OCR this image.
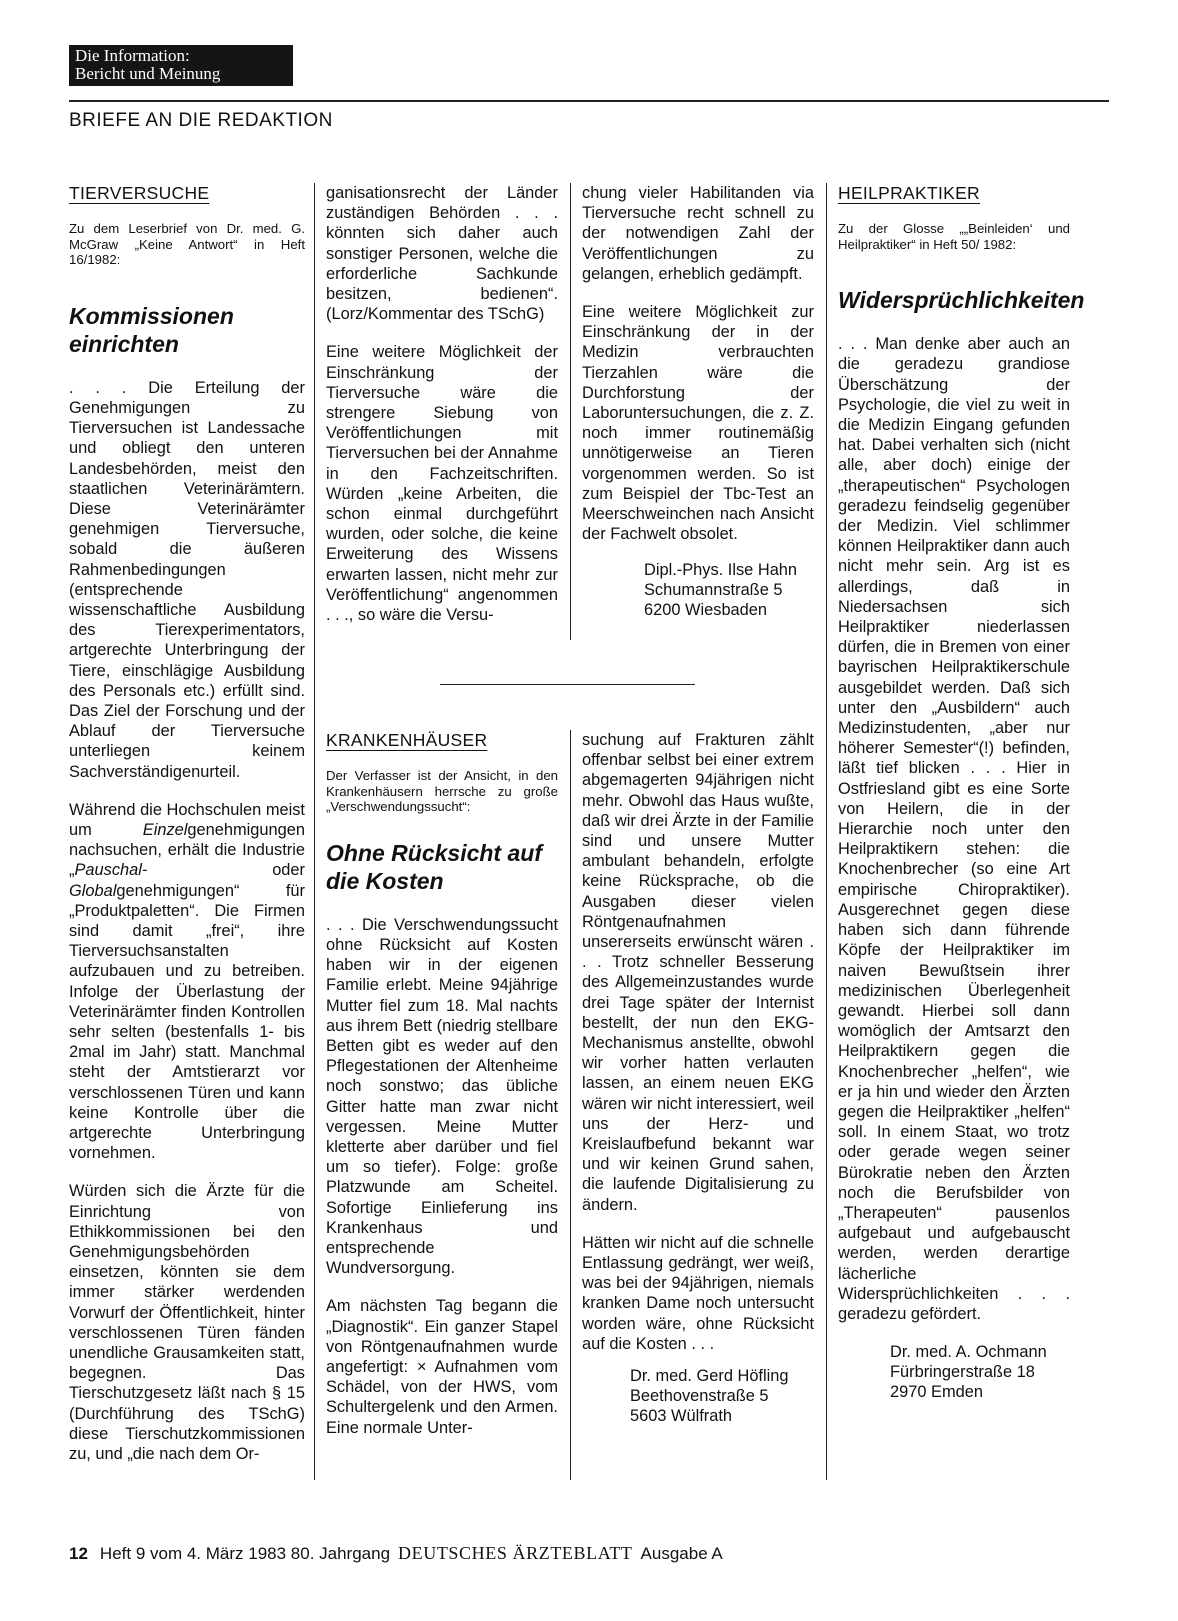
Die Information:
Bericht und Meinung
BRIEFE AN DIE REDAKTION
TIERVERSUCHE
Zu dem Leserbrief von Dr. med. G. McGraw „Keine Antwort“ in Heft 16/1982:
Kommissionen einrichten

. . . Die Erteilung der Genehmigungen zu Tierversuchen ist Landessache und obliegt den unteren Landesbehörden, meist den staatlichen Veterinärämtern. Diese Veterinärämter genehmigen Tierversuche, sobald die äußeren Rahmenbedingungen (entsprechende wissenschaftliche Ausbildung des Tierexperimentators, artgerechte Unterbringung der Tiere, einschlägige Ausbildung des Personals etc.) erfüllt sind. Das Ziel der Forschung und der Ablauf der Tierversuche unterliegen keinem Sachverständigenurteil.

Während die Hochschulen meist um Einzelgenehmigungen nachsuchen, erhält die Industrie „Pauschal- oder Globalgenehmigungen“ für „Produktpaletten“. Die Firmen sind damit „frei“, ihre Tierversuchsanstalten aufzubauen und zu betreiben. Infolge der Überlastung der Veterinärämter finden Kontrollen sehr selten (bestenfalls 1- bis 2mal im Jahr) statt. Manchmal steht der Amtstierarzt vor verschlossenen Türen und kann keine Kontrolle über die artgerechte Unterbringung vornehmen.

Würden sich die Ärzte für die Einrichtung von Ethikkommissionen bei den Genehmigungsbehörden einsetzen, könnten sie dem immer stärker werdenden Vorwurf der Öffentlichkeit, hinter verschlossenen Türen fänden unendliche Grausamkeiten statt, begegnen. Das Tierschutzgesetz läßt nach § 15 (Durchführung des TSchG) diese Tierschutzkommissionen zu, und „die nach dem Or-

ganisationsrecht der Länder zuständigen Behörden . . . könnten sich daher auch sonstiger Personen, welche die erforderliche Sachkunde besitzen, bedienen“. (Lorz/Kommentar des TSchG)

Eine weitere Möglichkeit der Einschränkung der Tierversuche wäre die strengere Siebung von Veröffentlichungen mit Tierversuchen bei der Annahme in den Fachzeitschriften. Würden „keine Arbeiten, die schon einmal durchgeführt wurden, oder solche, die keine Erweiterung des Wissens erwarten lassen, nicht mehr zur Veröffentlichung“ angenommen . . ., so wäre die Versu-

chung vieler Habilitanden via Tierversuche recht schnell zu der notwendigen Zahl der Veröffentlichungen zu gelangen, erheblich gedämpft.

Eine weitere Möglichkeit zur Einschränkung der in der Medizin verbrauchten Tierzahlen wäre die Durchforstung der Laboruntersuchungen, die z. Z. noch immer routinemäßig unnötigerweise an Tieren vorgenommen werden. So ist zum Beispiel der Tbc-Test an Meerschweinchen nach Ansicht der Fachwelt obsolet.

Dipl.-Phys. Ilse Hahn
Schumannstraße 5
6200 Wiesbaden
KRANKENHÄUSER
Der Verfasser ist der Ansicht, in den Krankenhäusern herrsche zu große „Verschwendungssucht“:
Ohne Rücksicht auf die Kosten

. . . Die Verschwendungssucht ohne Rücksicht auf Kosten haben wir in der eigenen Familie erlebt. Meine 94jährige Mutter fiel zum 18. Mal nachts aus ihrem Bett (niedrig stellbare Betten gibt es weder auf den Pflegestationen der Altenheime noch sonstwo; das übliche Gitter hatte man zwar nicht vergessen. Meine Mutter kletterte aber darüber und fiel um so tiefer). Folge: große Platzwunde am Scheitel. Sofortige Einlieferung ins Krankenhaus und entsprechende Wundversorgung.

Am nächsten Tag begann die „Diagnostik“. Ein ganzer Stapel von Röntgenaufnahmen wurde angefertigt: × Aufnahmen vom Schädel, von der HWS, vom Schultergelenk und den Armen. Eine normale Unter-

suchung auf Frakturen zählt offenbar selbst bei einer extrem abgemagerten 94jährigen nicht mehr. Obwohl das Haus wußte, daß wir drei Ärzte in der Familie sind und unsere Mutter ambulant behandeln, erfolgte keine Rücksprache, ob die Ausgaben dieser vielen Röntgenaufnahmen unsererseits erwünscht wären . . . Trotz schneller Besserung des Allgemeinzustandes wurde drei Tage später der Internist bestellt, der nun den EKG-Mechanismus anstellte, obwohl wir vorher hatten verlauten lassen, an einem neuen EKG wären wir nicht interessiert, weil uns der Herz- und Kreislaufbefund bekannt war und wir keinen Grund sahen, die laufende Digitalisierung zu ändern.

Hätten wir nicht auf die schnelle Entlassung gedrängt, wer weiß, was bei der 94jährigen, niemals kranken Dame noch untersucht worden wäre, ohne Rücksicht auf die Kosten . . .

Dr. med. Gerd Höfling
Beethovenstraße 5
5603 Wülfrath
HEILPRAKTIKER
Zu der Glosse „„Beinleiden‘ und Heilpraktiker“ in Heft 50/ 1982:
Widersprüchlichkeiten

. . . Man denke aber auch an die geradezu grandiose Überschätzung der Psychologie, die viel zu weit in die Medizin Eingang gefunden hat. Dabei verhalten sich (nicht alle, aber doch) einige der „therapeutischen“ Psychologen geradezu feindselig gegenüber der Medizin. Viel schlimmer können Heilpraktiker dann auch nicht mehr sein. Arg ist es allerdings, daß in Niedersachsen sich Heilpraktiker niederlassen dürfen, die in Bremen von einer bayrischen Heilpraktikerschule ausgebildet werden. Daß sich unter den „Ausbildern“ auch Medizinstudenten, „aber nur höherer Semester“(!) befinden, läßt tief blicken . . . Hier in Ostfriesland gibt es eine Sorte von Heilern, die in der Hierarchie noch unter den Heilpraktikern stehen: die Knochenbrecher (so eine Art empirische Chiropraktiker). Ausgerechnet gegen diese haben sich dann führende Köpfe der Heilpraktiker im naiven Bewußtsein ihrer medizinischen Überlegenheit gewandt. Hierbei soll dann womöglich der Amtsarzt den Heilpraktikern gegen die Knochenbrecher „helfen“, wie er ja hin und wieder den Ärzten gegen die Heilpraktiker „helfen“ soll. In einem Staat, wo trotz oder gerade wegen seiner Bürokratie neben den Ärzten noch die Berufsbilder von „Therapeuten“ pausenlos aufgebaut und aufgebauscht werden, werden derartige lächerliche Widersprüchlichkeiten . . . geradezu gefördert.

Dr. med. A. Ochmann
Fürbringerstraße 18
2970 Emden
12 Heft 9 vom 4. März 1983 80. Jahrgang DEUTSCHES ÄRZTEBLATT Ausgabe A
